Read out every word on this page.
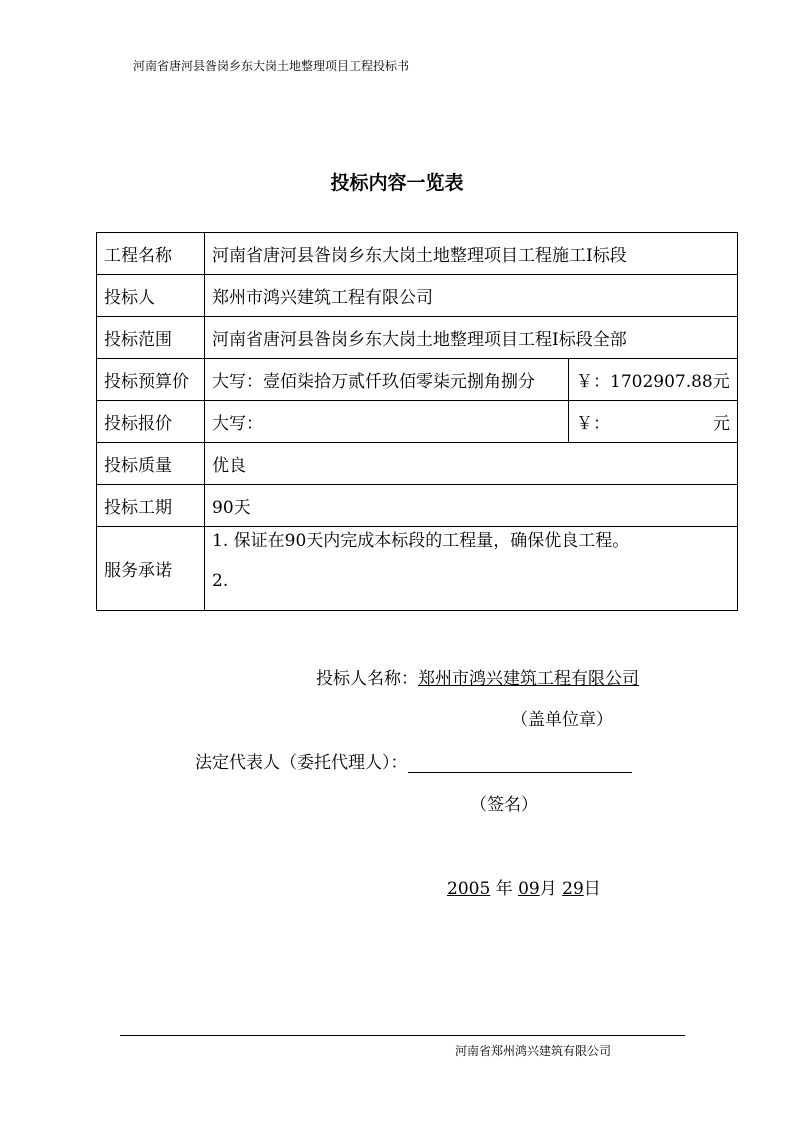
河南省唐河县昝岗乡东大岗土地整理项目工程投标书
投标内容一览表
工程名称	河南省唐河县昝岗乡东大岗土地整理项目工程施工Ⅰ标段	
投标人	郑州市鸿兴建筑工程有限公司	
投标范围	河南省唐河县昝岗乡东大岗土地整理项目工程Ⅰ标段全部	
投标预算价	大写：壹佰柒拾万贰仟玖佰零柒元捌角捌分	￥：1702907.88元
投标报价	大写：	￥： 元

投标质量	优良	
投标工期	90天	
服务承诺	1. 保证在90天内完成本标段的工程量，确保优良工程。
2.	
投标人名称：郑州市鸿兴建筑工程有限公司
（盖单位章）
法定代表人（委托代理人）：
（签名）
2005 年 09月 29日
河南省郑州鸿兴建筑有限公司
